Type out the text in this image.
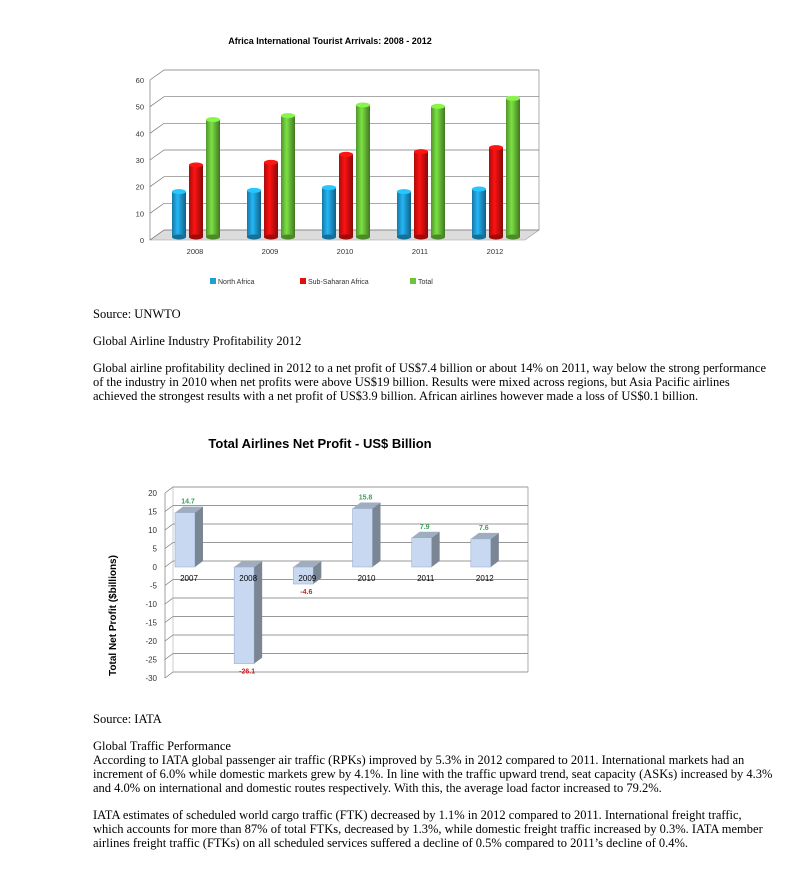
Africa International Tourist Arrivals: 2008 - 2012
0
10
20
30
40
50
60
2008	2009	2010	2011	2012
North Africa	Sub-Saharan Africa	Total

Source: UNWTO

Global Airline Industry Profitability 2012

Global airline profitability declined in 2012 to a net profit of US$7.4 billion or about 14% on 2011, way below the strong performance of the industry in 2010 when net profits were above US$19 billion. Results were mixed across regions, but Asia Pacific airlines achieved the strongest results with a net profit of US$3.9 billion. African airlines however made a loss of US$0.1 billion.

Total Airlines Net Profit - US$ Billion
Total Net Profit ($billions)
20
15
10
5
0
-5
-10
-15
-20
-25
-30
14.7
2007
-26.1
2008
-4.6
2009
15.8
2010
7.9
2011
7.6
2012

Source: IATA

Global Traffic Performance

According to IATA global passenger air traffic (RPKs) improved by 5.3% in 2012 compared to 2011. International markets had an increment of 6.0% while domestic markets grew by 4.1%. In line with the traffic upward trend, seat capacity (ASKs) increased by 4.3% and 4.0% on international and domestic routes respectively. With this, the average load factor increased to 79.2%.

IATA estimates of scheduled world cargo traffic (FTK) decreased by 1.1% in 2012 compared to 2011. International freight traffic, which accounts for more than 87% of total FTKs, decreased by 1.3%, while domestic freight traffic increased by 0.3%. IATA member airlines freight traffic (FTKs) on all scheduled services suffered a decline of 0.5% compared to 2011’s decline of 0.4%.
